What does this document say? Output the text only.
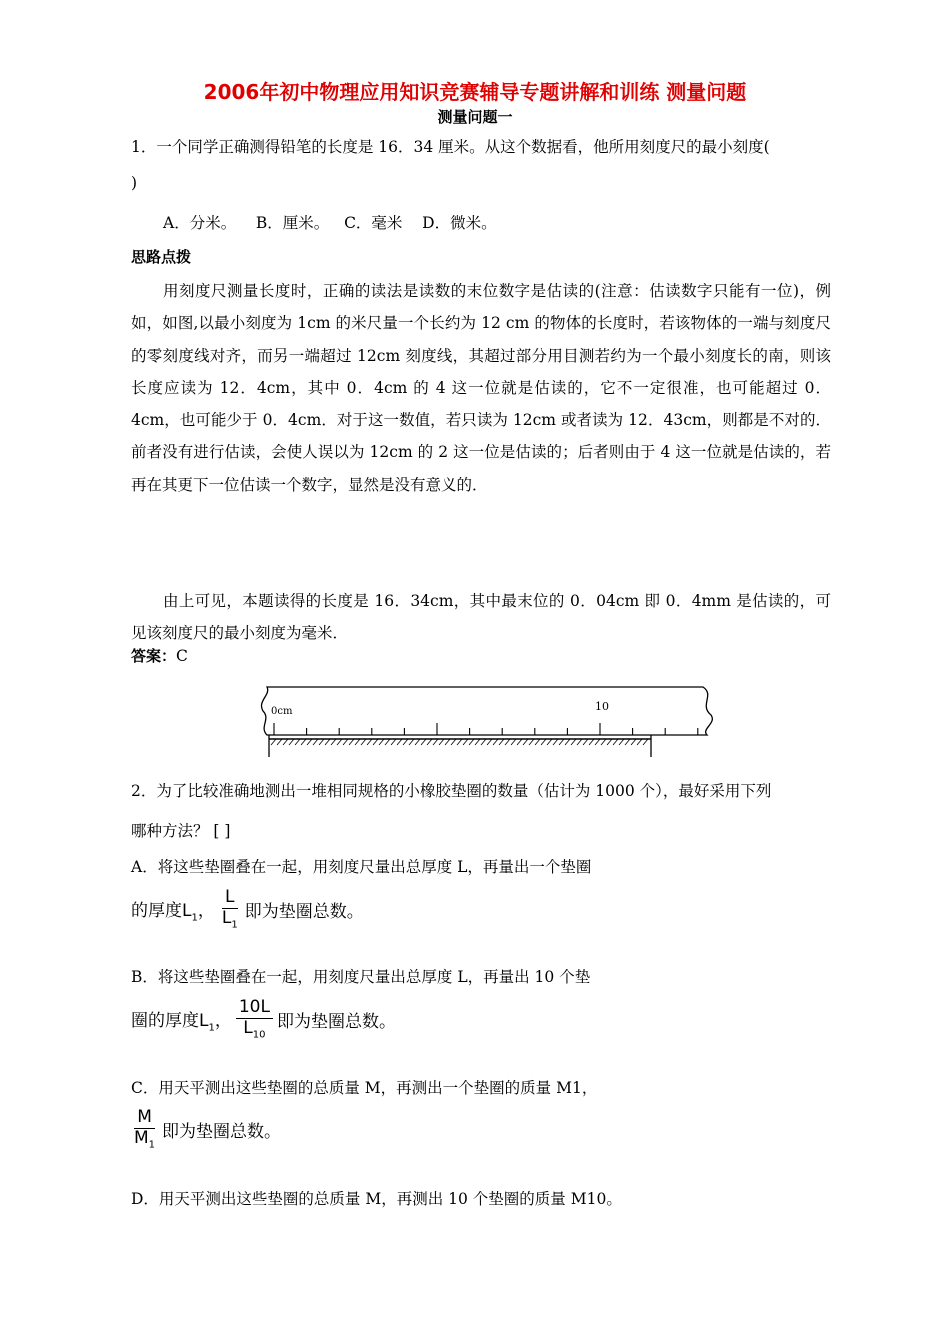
2006年初中物理应用知识竞赛辅导专题讲解和训练 测量问题
测量问题一
1．一个同学正确测得铅笔的长度是 16．34 厘米。从这个数据看，他所用刻度尺的最小刻度(
)
A．分米。    B．厘米。   C．毫米    D．微米。
思路点拨

用刻度尺测量长度时，正确的读法是读数的末位数字是估读的(注意：估读数字只能有一位)，例如，如图,以最小刻度为 1cm 的米尺量一个长约为 12 cm 的物体的长度时，若该物体的一端与刻度尺的零刻度线对齐，而另一端超过 12cm 刻度线，其超过部分用目测若约为一个最小刻度长的南，则该长度应读为 12．4cm，其中 0．4cm 的 4 这一位就是估读的，它不一定很准，也可能超过 0．4cm，也可能少于 0．4cm．对于这一数值，若只读为 12cm 或者读为 12．43cm，则都是不对的．前者没有进行估读，会使人误以为 12cm 的 2 这一位是估读的；后者则由于 4 这一位就是估读的，若再在其更下一位估读一个数字，显然是没有意义的．

由上可见，本题读得的长度是 16．34cm，其中最末位的 0．04cm 即 0．4mm 是估读的，可见该刻度尺的最小刻度为毫米．

答案：C
0cm	10
2．为了比较准确地测出一堆相同规格的小橡胶垫圈的数量（估计为 1000 个），最好采用下列
哪种方法？ [ ]
A．将这些垫圈叠在一起，用刻度尺量出总厚度 L，再量出一个垫圈
的厚度$L_1$， $\frac{L}{L_1}$ 即为垫圈总数。
B．将这些垫圈叠在一起，用刻度尺量出总厚度 L，再量出 10 个垫
圈的厚度$L_1$， $\frac{10L}{L_{10}}$ 即为垫圈总数。
C．用天平测出这些垫圈的总质量 M，再测出一个垫圈的质量 M1，
$\frac{M}{M_1}$ 即为垫圈总数。
D．用天平测出这些垫圈的总质量 M，再测出 10 个垫圈的质量 M10。
